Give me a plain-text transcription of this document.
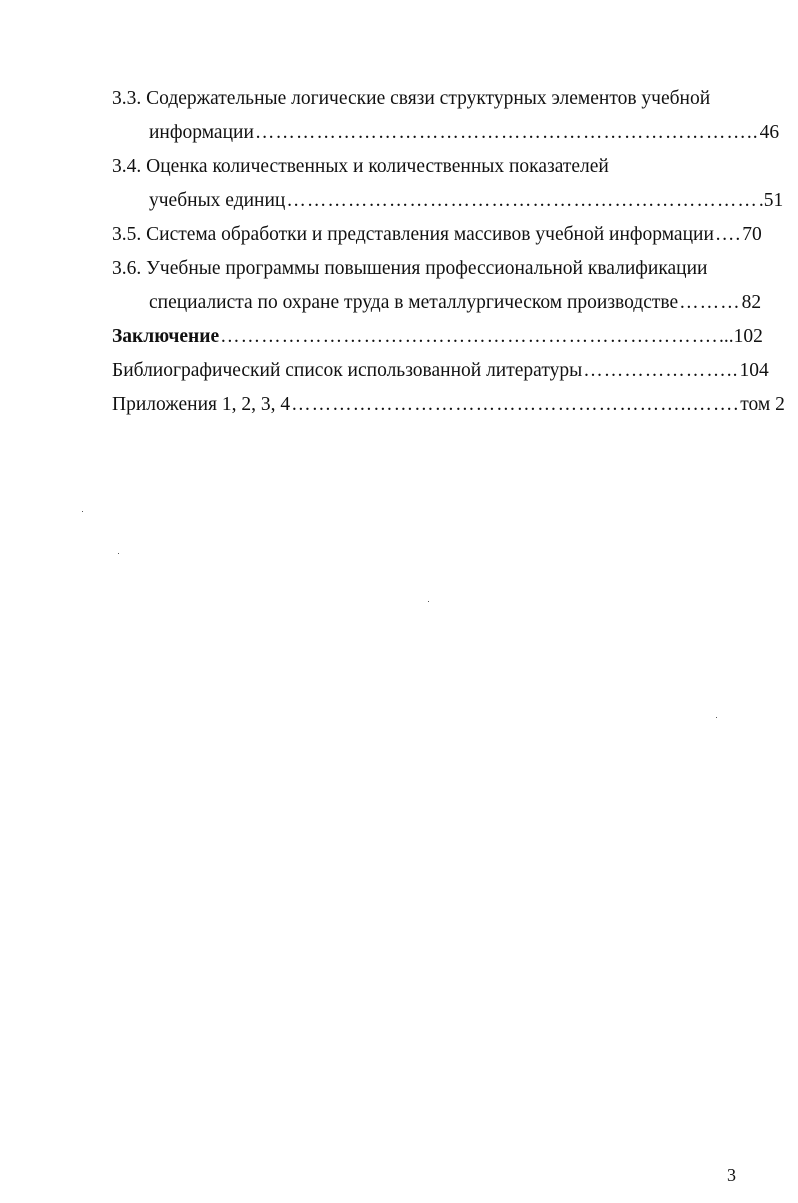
3.3. Содержательные логические связи структурных элементов учебной
информации ……………………………………………………………….. 46
3.4. Оценка количественных и количественных показателей
учебных единиц …………………………………………………………… .51
3.5. Система обработки и представления массивов учебной информации …. 70
3.6. Учебные программы повышения профессиональной квалификации
специалиста по охране труда в металлургическом производстве ……… 82
Заключение ………………………………………………………………. ...102
Библиографический список использованной литературы ………………….. 104
Приложения 1, 2, 3, 4 …………………………………………………..……. том 2
3
